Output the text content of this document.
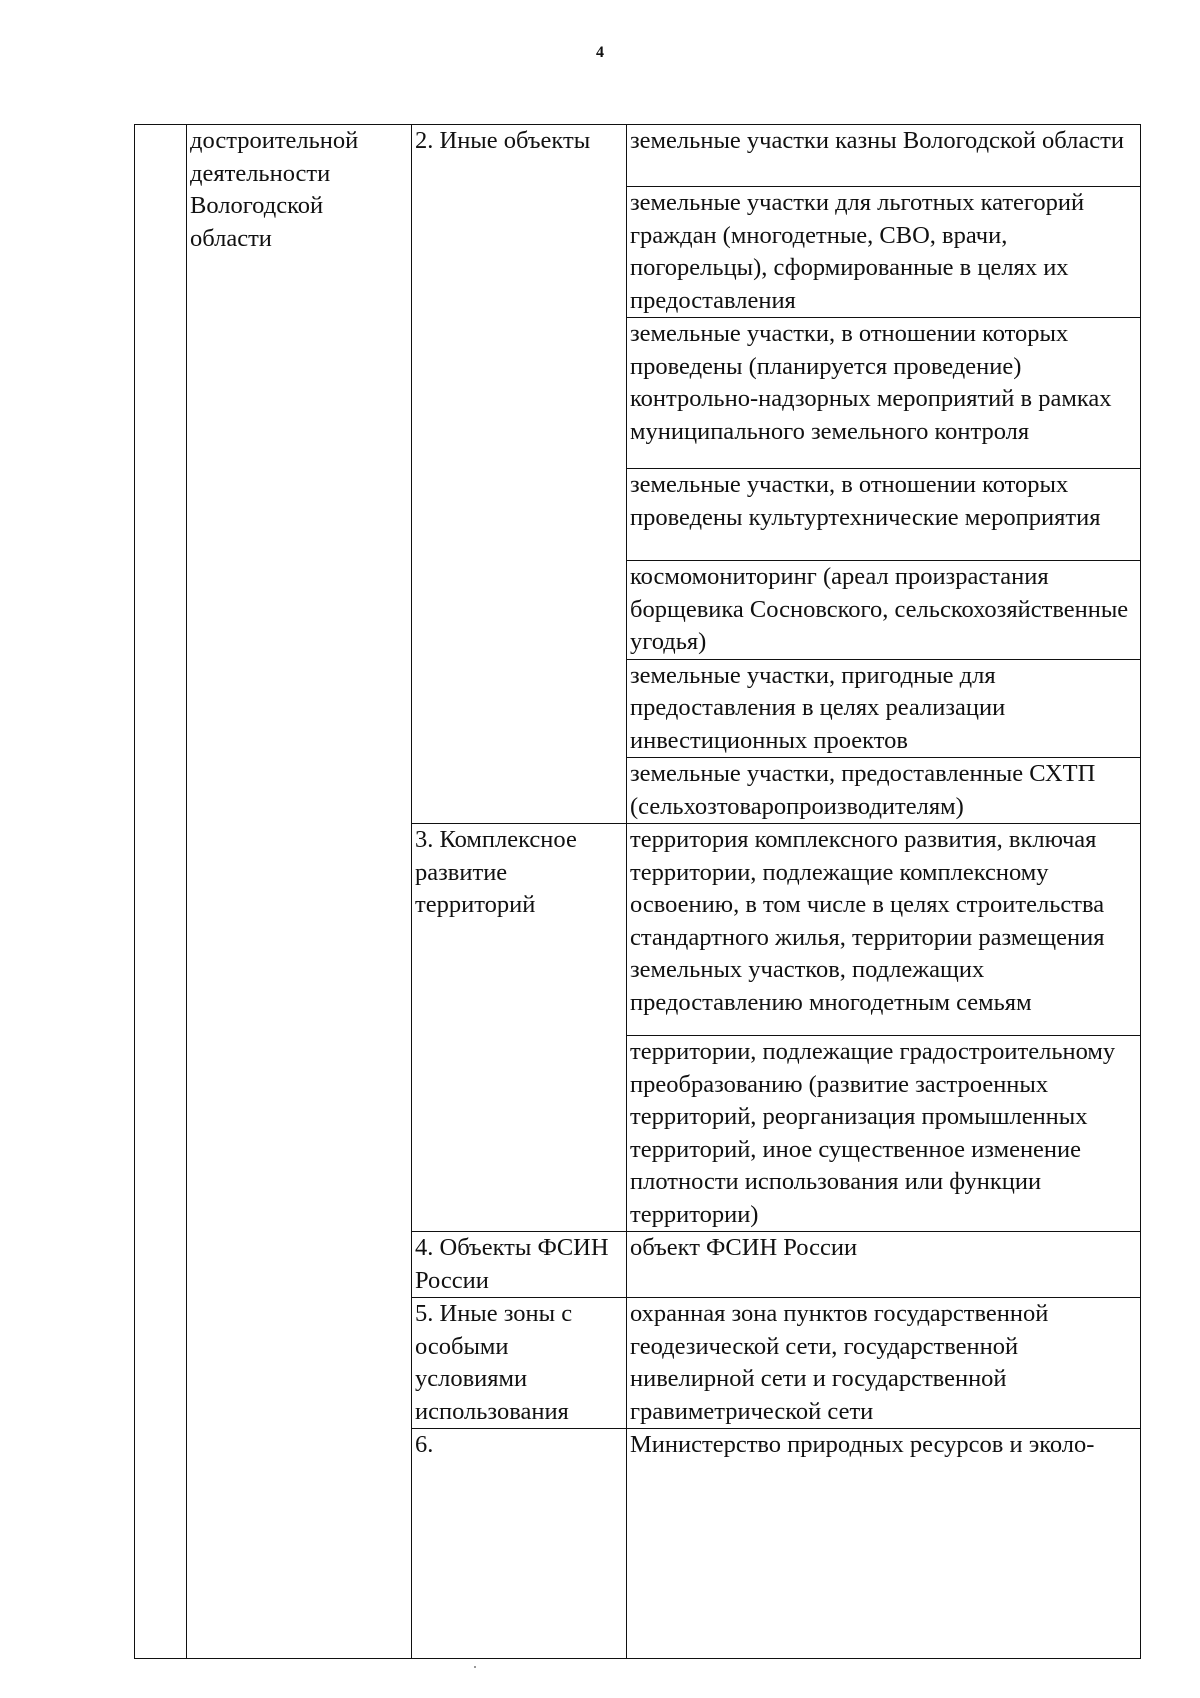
4
	достроительной деятельности Вологодской области	2. Иные объекты	земельные участки казны Вологодской области	
			земельные участки для льготных категорий граждан (многодетные, СВО, врачи, погорельцы), сформированные в целях их предоставления	
			земельные участки, в отношении которых проведены (планируется проведение) контрольно-надзорных мероприятий в рамках муниципального земельного контроля	
			земельные участки, в отношении которых проведены культуртехнические мероприятия	
			космомониторинг (ареал произрастания борщевика Сосновского, сельскохозяйственные угодья)	
			земельные участки, пригодные для предоставления в целях реализации инвестиционных проектов	
			земельные участки, предоставленные СХТП (сельхозтоваропроизводителям)	
		3. Комплексное развитие территорий	территория комплексного развития, включая территории, подлежащие комплексному освоению, в том числе в целях строительства стандартного жилья, территории размещения земельных участков, подлежащих предоставлению многодетным семьям	
			территории, подлежащие градостроительному преобразованию (развитие застроенных территорий, реорганизация промышленных территорий, иное существенное изменение плотности использования или функции территории)	
		4. Объекты ФСИН России	объект ФСИН России	
		5. Иные зоны с особыми условиями использования	охранная зона пунктов государственной геодезической сети, государственной нивелирной сети и государственной гравиметрической сети	
		6.	Министерство природных ресурсов и эколо-		
